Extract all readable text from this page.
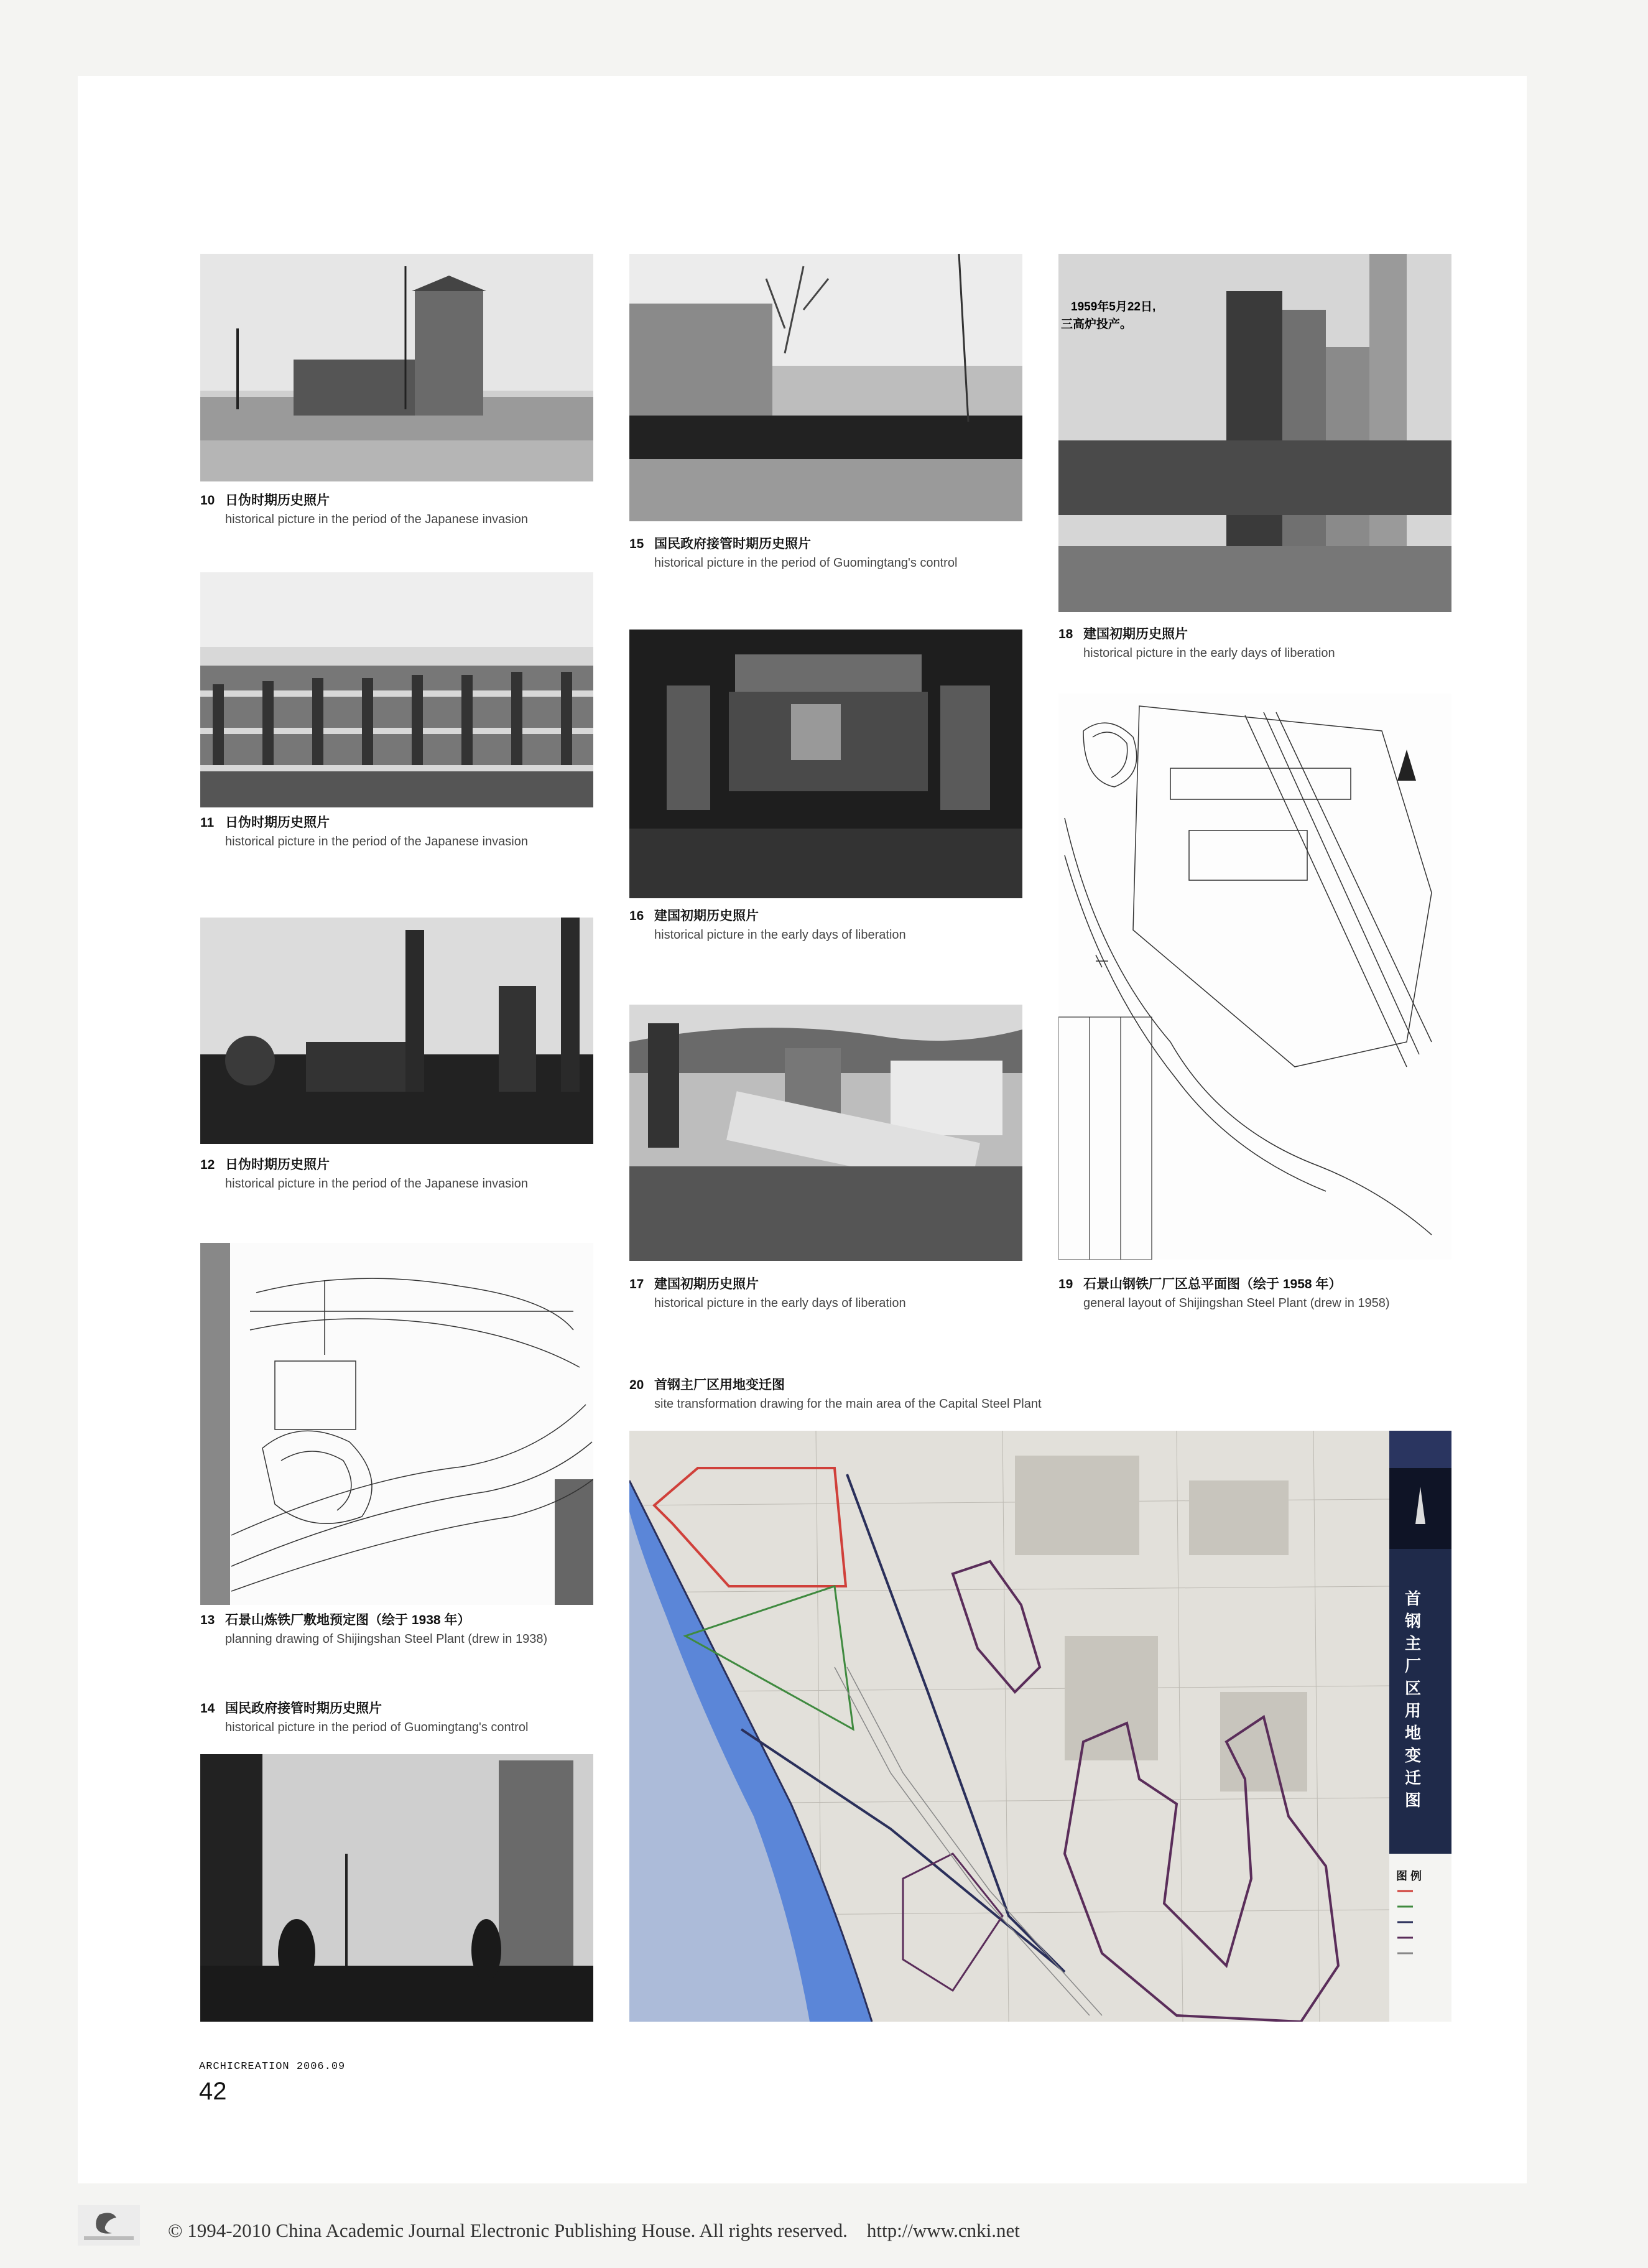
10 日伪时期历史照片
historical picture in the period of the Japanese invasion
11 日伪时期历史照片
historical picture in the period of the Japanese invasion
12 日伪时期历史照片
historical picture in the period of the Japanese invasion
13 石景山炼铁厂敷地预定图（绘于 1938 年）
planning drawing of Shijingshan Steel Plant (drew in 1938)
14 国民政府接管时期历史照片
historical picture in the period of Guomingtang's control
15 国民政府接管时期历史照片
historical picture in the period of Guomingtang's control
16 建国初期历史照片
historical picture in the early days of liberation
17 建国初期历史照片
historical picture in the early days of liberation
1959年5月22日,
三高炉投产。
18 建国初期历史照片
historical picture in the early days of liberation
19 石景山钢铁厂厂区总平面图（绘于 1958 年）
general layout of Shijingshan Steel Plant (drew in 1958)
20 首钢主厂区用地变迁图
site transformation drawing for the main area of the Capital Steel Plant
首钢主厂区用地变迁图
图 例
ARCHICREATION 2006.09
42
© 1994-2010 China Academic Journal Electronic Publishing House. All rights reserved.    http://www.cnki.net
